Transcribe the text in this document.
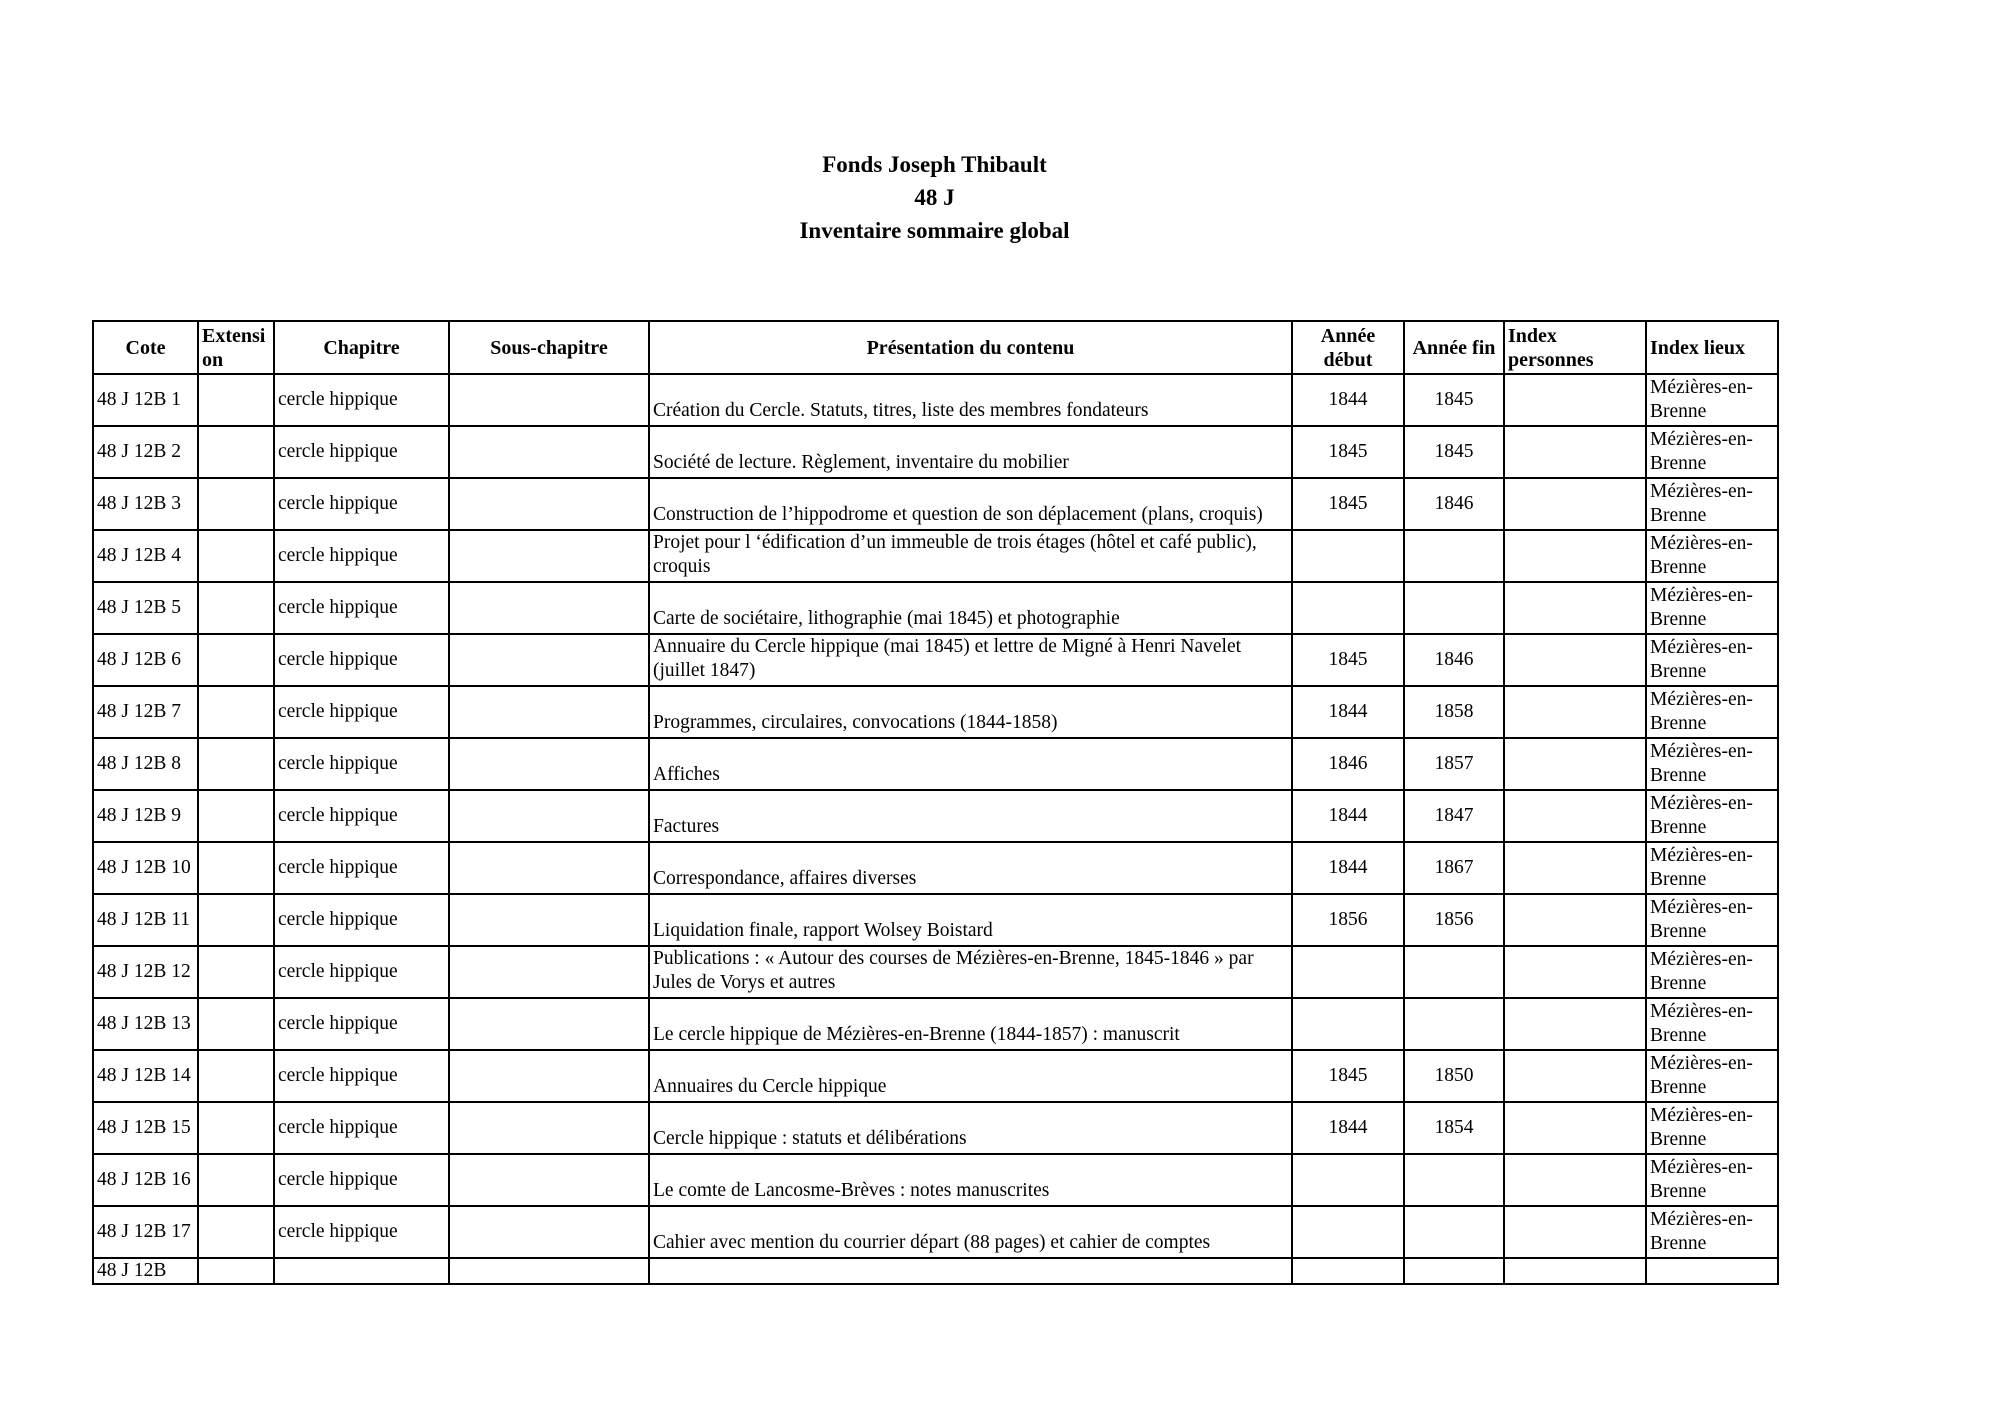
Fonds Joseph Thibault
48 J
Inventaire sommaire global
Cote	Extension	Chapitre	Sous-chapitre	Présentation du contenu	Année début	Année fin	Index personnes	Index lieux
48 J 12B 1		cercle hippique		Création du Cercle. Statuts, titres, liste des membres fondateurs	1844	1845		Mézières-en-Brenne
48 J 12B 2		cercle hippique		Société de lecture. Règlement, inventaire du mobilier	1845	1845		Mézières-en-Brenne
48 J 12B 3		cercle hippique		Construction de l’hippodrome et question de son déplacement (plans, croquis)	1845	1846		Mézières-en-Brenne
48 J 12B 4		cercle hippique		Projet pour l ‘édification d’un immeuble de trois étages (hôtel et café public), croquis				Mézières-en-Brenne
48 J 12B 5		cercle hippique		Carte de sociétaire, lithographie (mai 1845) et photographie				Mézières-en-Brenne
48 J 12B 6		cercle hippique		Annuaire du Cercle hippique (mai 1845) et lettre de Migné à Henri Navelet (juillet 1847)	1845	1846		Mézières-en-Brenne
48 J 12B 7		cercle hippique		Programmes, circulaires, convocations (1844-1858)	1844	1858		Mézières-en-Brenne
48 J 12B 8		cercle hippique		Affiches	1846	1857		Mézières-en-Brenne
48 J 12B 9		cercle hippique		Factures	1844	1847		Mézières-en-Brenne
48 J 12B 10		cercle hippique		Correspondance, affaires diverses	1844	1867		Mézières-en-Brenne
48 J 12B 11		cercle hippique		Liquidation finale, rapport Wolsey Boistard	1856	1856		Mézières-en-Brenne
48 J 12B 12		cercle hippique		Publications : « Autour des courses de Mézières-en-Brenne, 1845-1846 » par Jules de Vorys et autres				Mézières-en-Brenne
48 J 12B 13		cercle hippique		Le cercle hippique de Mézières-en-Brenne (1844-1857) : manuscrit				Mézières-en-Brenne
48 J 12B 14		cercle hippique		Annuaires du Cercle hippique	1845	1850		Mézières-en-Brenne
48 J 12B 15		cercle hippique		Cercle hippique : statuts et délibérations	1844	1854		Mézières-en-Brenne
48 J 12B 16		cercle hippique		Le comte de Lancosme-Brèves : notes manuscrites				Mézières-en-Brenne
48 J 12B 17		cercle hippique		Cahier avec mention du courrier départ (88 pages) et cahier de comptes				Mézières-en-Brenne
48 J 12B								
